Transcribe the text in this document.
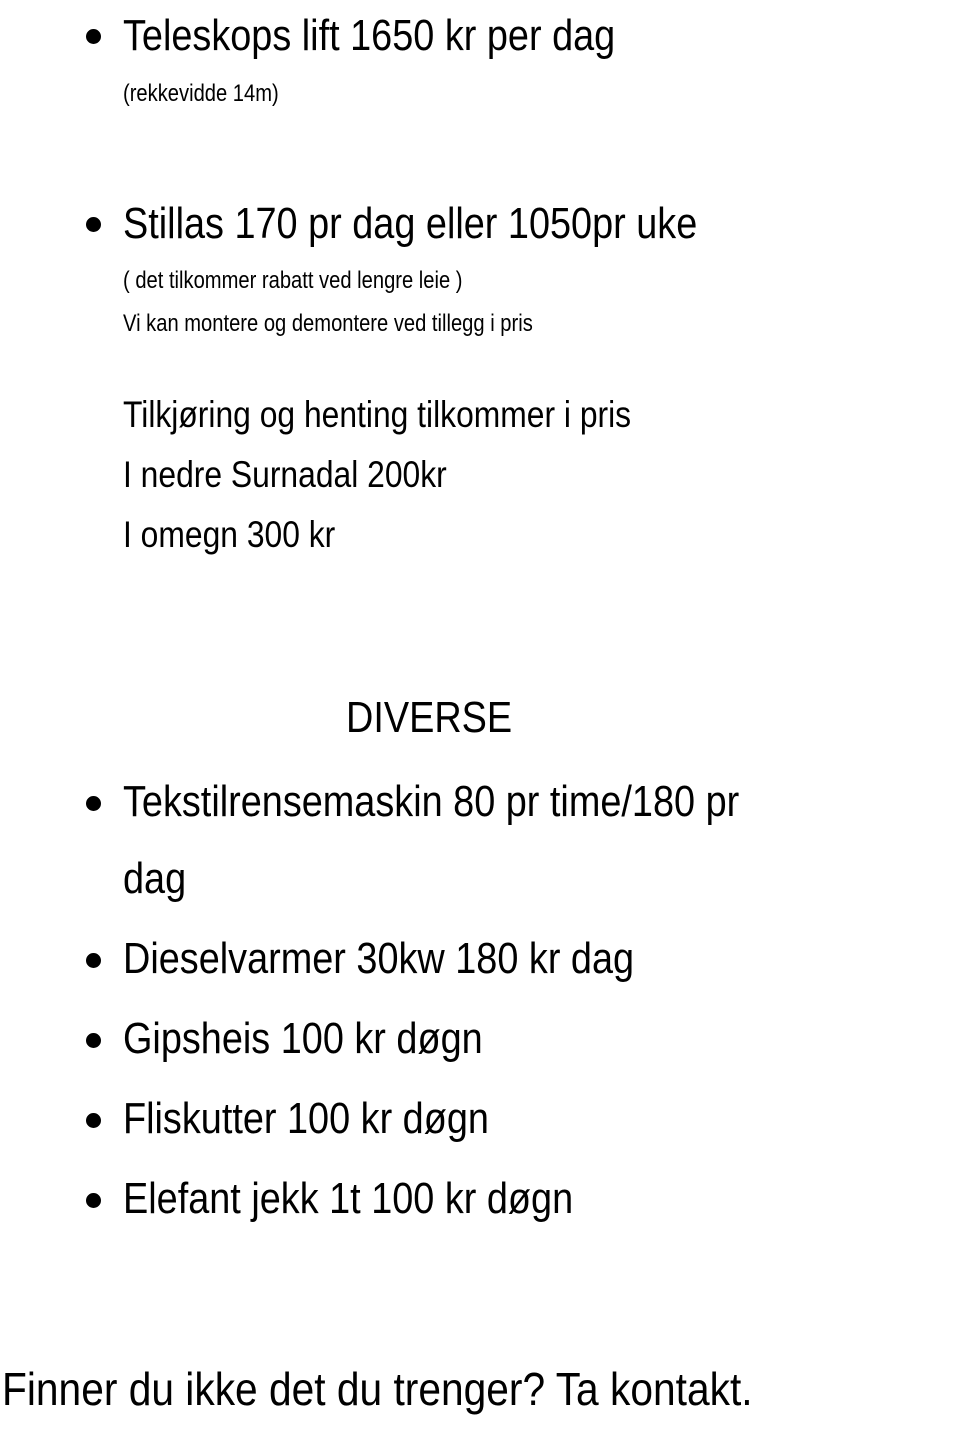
Teleskops lift 1650 kr per dag
(rekkevidde 14m)
Stillas 170 pr dag eller 1050pr uke
( det tilkommer rabatt ved lengre leie )
Vi kan montere og demontere ved tillegg i pris
Tilkjøring og henting tilkommer i pris
I nedre Surnadal 200kr
I omegn 300 kr
DIVERSE
Tekstilrensemaskin 80 pr time/180 pr
dag
Dieselvarmer 30kw 180 kr dag
Gipsheis 100 kr døgn
Fliskutter 100 kr døgn
Elefant jekk 1t 100 kr døgn
Finner du ikke det du trenger? Ta kontakt.
